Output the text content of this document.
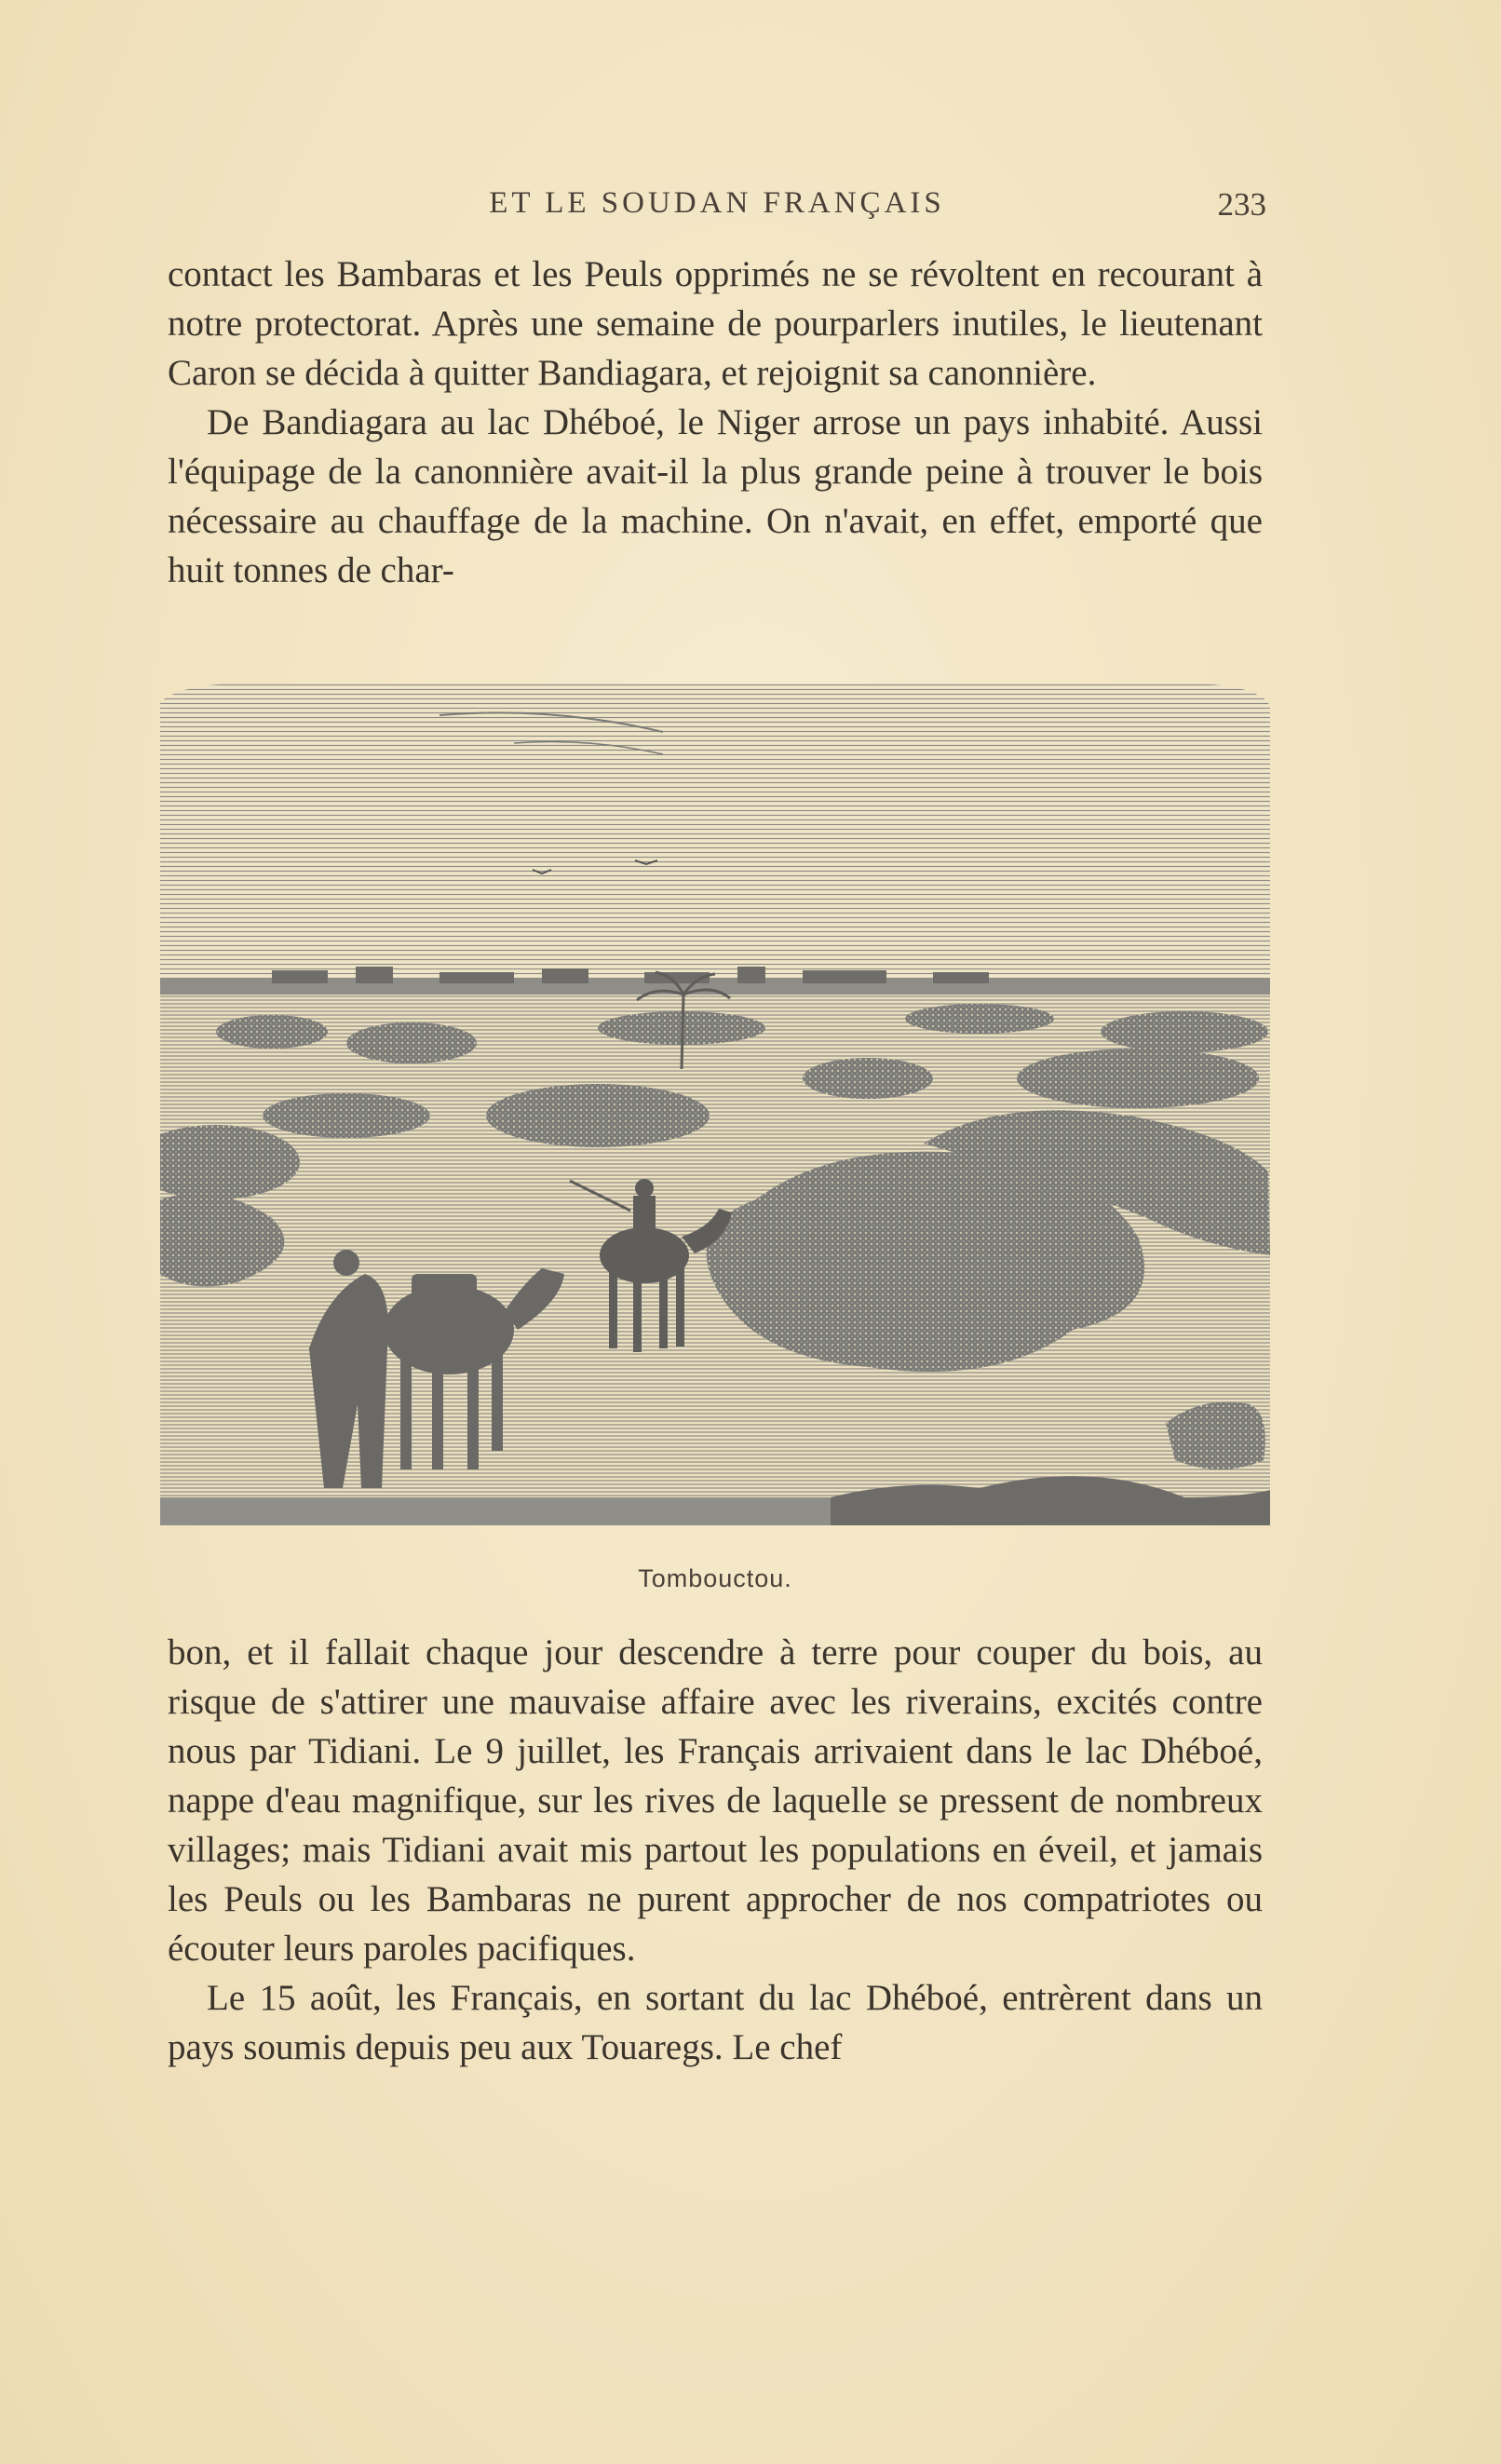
ET LE SOUDAN FRANÇAIS	233

contact les Bambaras et les Peuls opprimés ne se révoltent en recourant à notre protectorat. Après une semaine de pourparlers inutiles, le lieutenant Caron se décida à quitter Bandiagara, et rejoignit sa canonnière.

De Bandiagara au lac Dhéboé, le Niger arrose un pays inhabité. Aussi l'équipage de la canonnière avait-il la plus grande peine à trouver le bois nécessaire au chauffage de la machine. On n'avait, en effet, emporté que huit tonnes de char-

Tombouctou.

bon, et il fallait chaque jour descendre à terre pour couper du bois, au risque de s'attirer une mauvaise affaire avec les riverains, excités contre nous par Tidiani. Le 9 juillet, les Français arrivaient dans le lac Dhéboé, nappe d'eau magnifique, sur les rives de laquelle se pressent de nombreux villages; mais Tidiani avait mis partout les populations en éveil, et jamais les Peuls ou les Bambaras ne purent approcher de nos compatriotes ou écouter leurs paroles pacifiques.

Le 15 août, les Français, en sortant du lac Dhéboé, entrèrent dans un pays soumis depuis peu aux Touaregs. Le chef
